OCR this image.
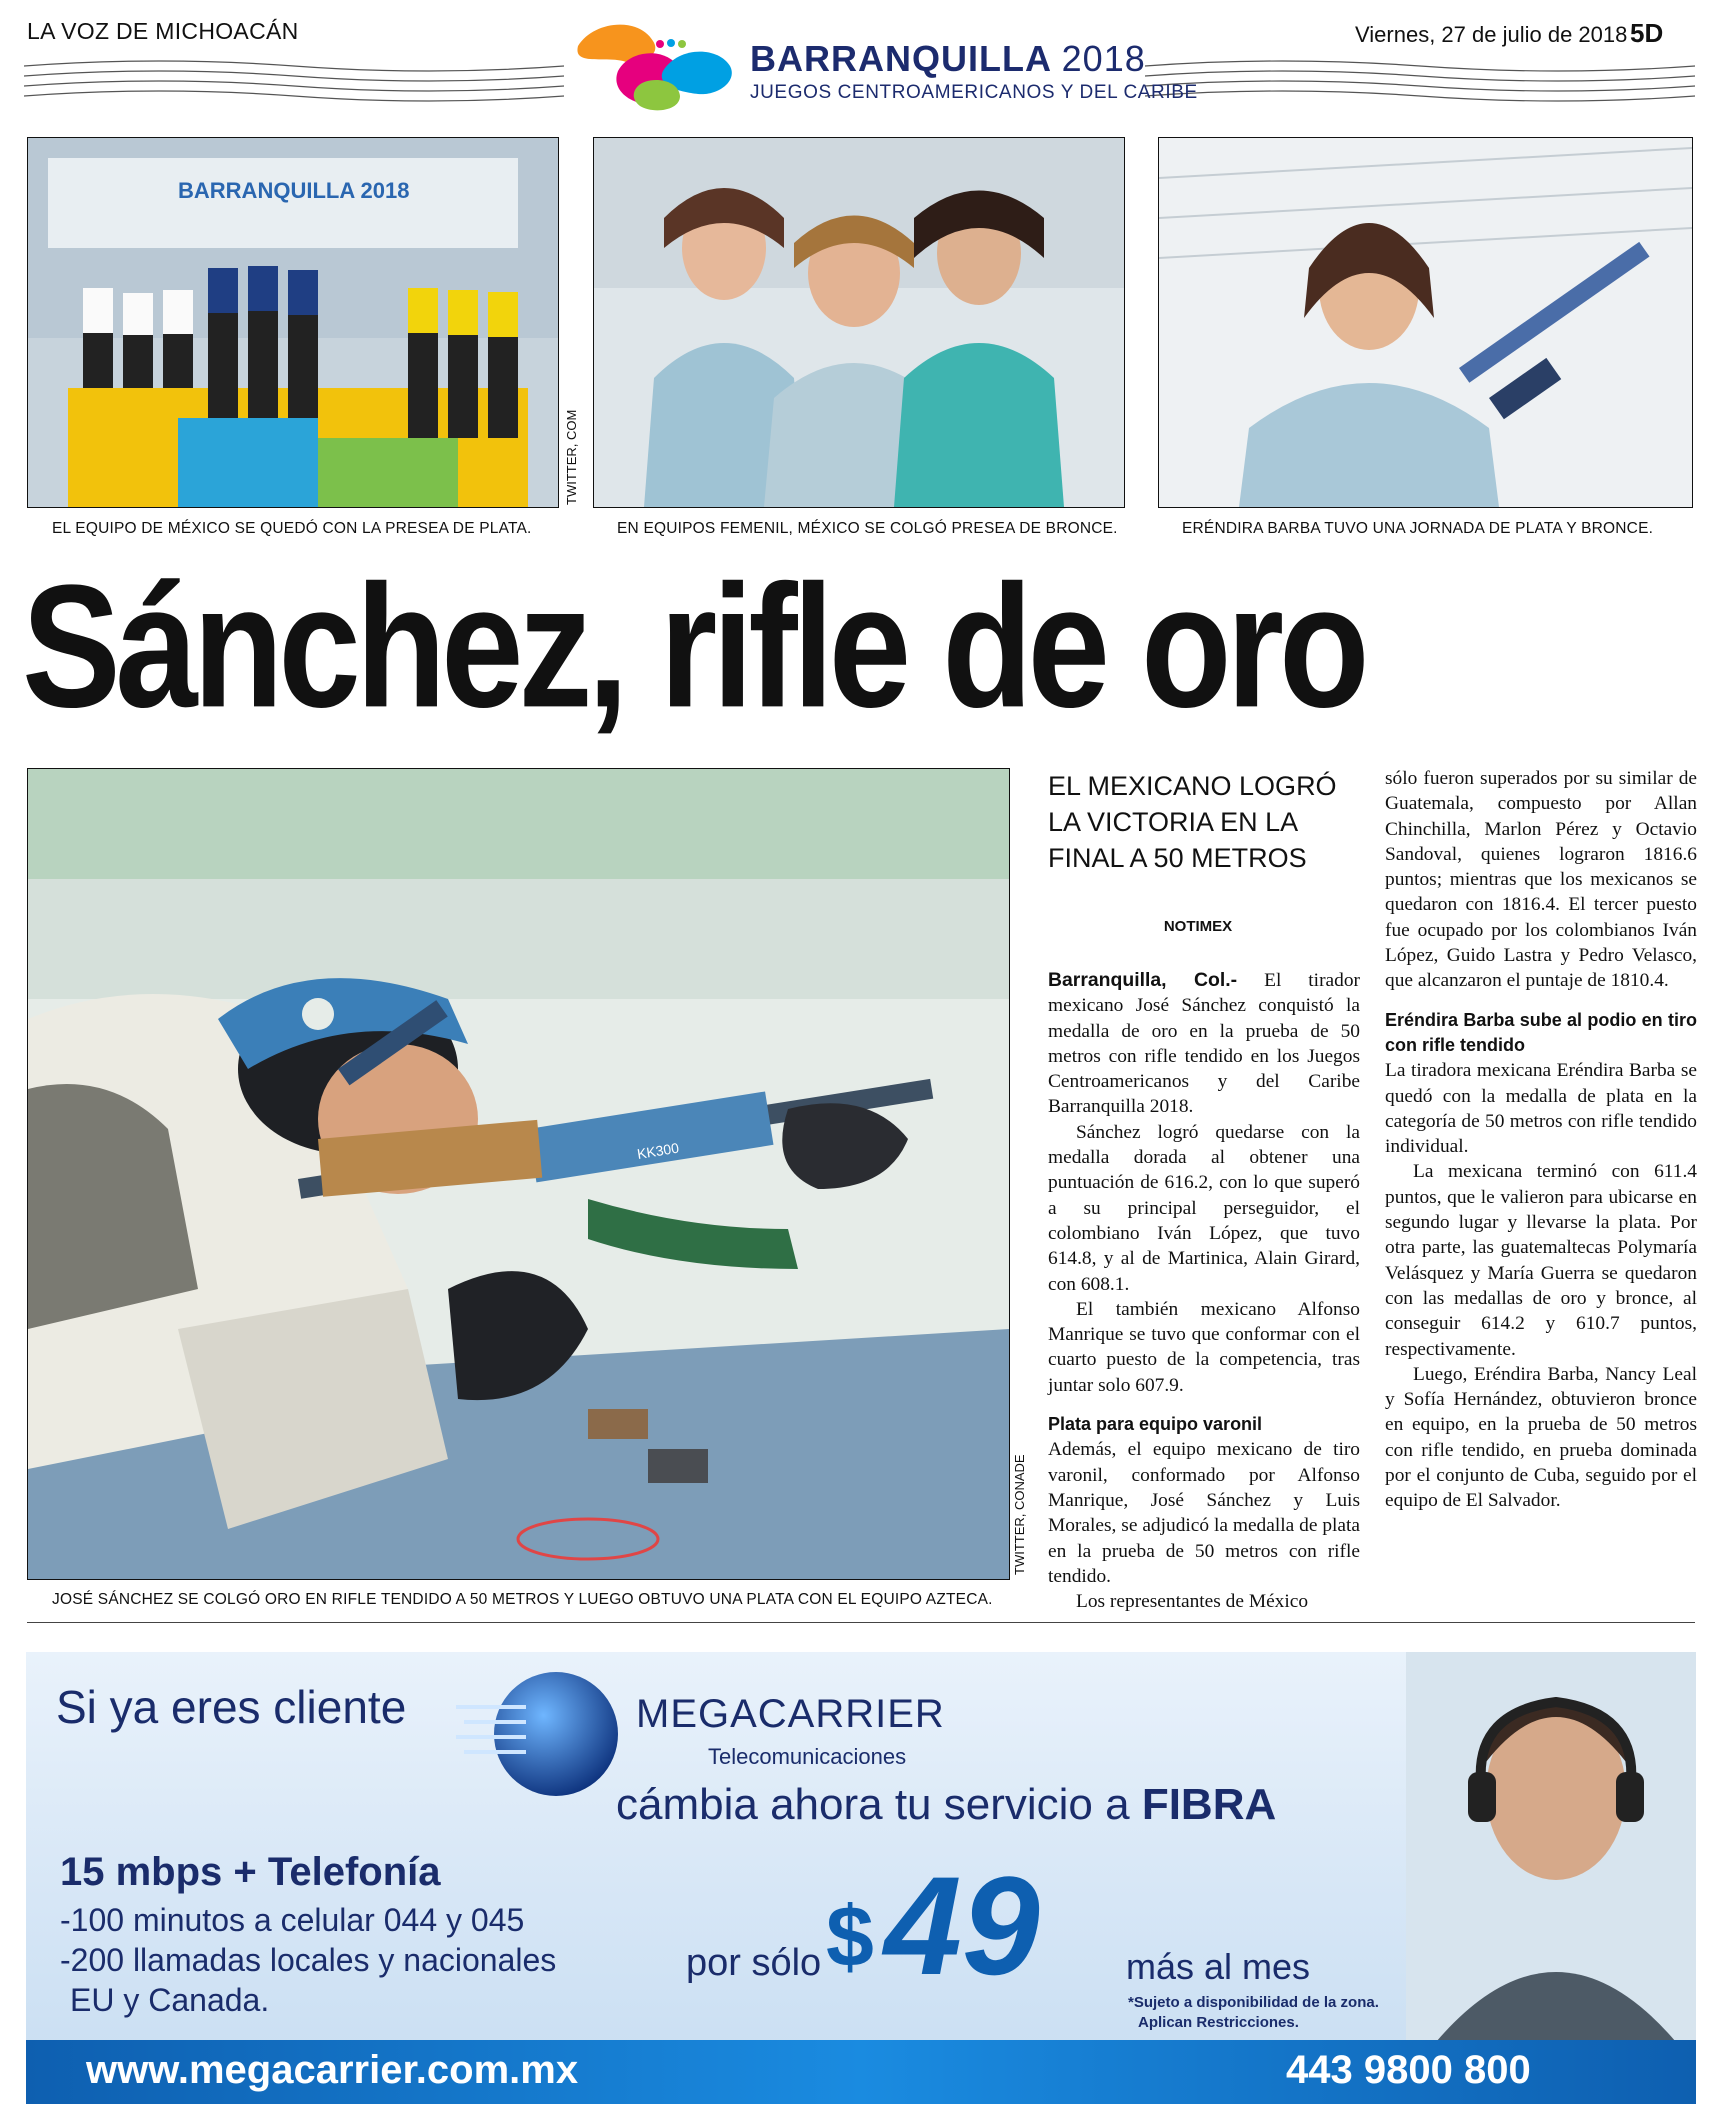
LA VOZ DE MICHOACÁN
BARRANQUILLA 2018
JUEGOS CENTROAMERICANOS Y DEL CARIBE
Viernes, 27 de julio de 2018 5D
BARRANQUILLA 2018
TWITTER, COM
EL EQUIPO DE MÉXICO SE QUEDÓ CON LA PRESEA DE PLATA.	EN EQUIPOS FEMENIL, MÉXICO SE COLGÓ PRESEA DE BRONCE.	ERÉNDIRA BARBA TUVO UNA JORNADA DE PLATA Y BRONCE.
Sánchez, rifle de oro
KK300
TWITTER, CONADE
JOSÉ SÁNCHEZ SE COLGÓ ORO EN RIFLE TENDIDO A 50 METROS Y LUEGO OBTUVO UNA PLATA CON EL EQUIPO AZTECA.
EL MEXICANO LOGRÓ LA VICTORIA EN LA FINAL A 50 METROS
NOTIMEX

Barranquilla, Col.- El tirador mexicano José Sánchez conquistó la medalla de oro en la prueba de 50 metros con rifle tendido en los Juegos Centroamericanos y del Caribe Barranquilla 2018.

Sánchez logró quedarse con la medalla dorada al obtener una puntuación de 616.2, con lo que superó a su principal perseguidor, el colombiano Iván López, que tuvo 614.8, y al de Martinica, Alain Girard, con 608.1.

El también mexicano Alfonso Manrique se tuvo que conformar con el cuarto puesto de la competencia, tras juntar solo 607.9.

Plata para equipo varonil

Además, el equipo mexicano de tiro varonil, conformado por Alfonso Manrique, José Sánchez y Luis Morales, se adjudicó la medalla de plata en la prueba de 50 metros con rifle tendido.

Los representantes de México

sólo fueron superados por su similar de Guatemala, compuesto por Allan Chinchilla, Marlon Pérez y Octavio Sandoval, quienes lograron 1816.6 puntos; mientras que los mexicanos se quedaron con 1816.4. El tercer puesto fue ocupado por los colombianos Iván López, Guido Lastra y Pedro Velasco, que alcanzaron el puntaje de 1810.4.

Eréndira Barba sube al podio en tiro con rifle tendido

La tiradora mexicana Eréndira Barba se quedó con la medalla de plata en la categoría de 50 metros con rifle tendido individual.

La mexicana terminó con 611.4 puntos, que le valieron para ubicarse en segundo lugar y llevarse la plata. Por otra parte, las guatemaltecas Polymaría Velásquez y María Guerra se quedaron con las medallas de oro y bronce, al conseguir 614.2 y 610.7 puntos, respectivamente.

Luego, Eréndira Barba, Nancy Leal y Sofía Hernández, obtuvieron bronce en equipo, en la prueba de 50 metros con rifle tendido, en prueba dominada por el conjunto de Cuba, seguido por el equipo de El Salvador.

Si ya eres cliente	MEGACARRIER
Telecomunicaciones
cámbia ahora tu servicio a FIBRA
15 mbps + Telefonía
-100 minutos a celular 044 y 045
-200 llamadas locales y nacionales
EU y Canada.
por sólo $ 49 más al mes
*Sujeto a disponibilidad de la zona.
Aplican Restricciones.
www.megacarrier.com.mx	443 9800 800
